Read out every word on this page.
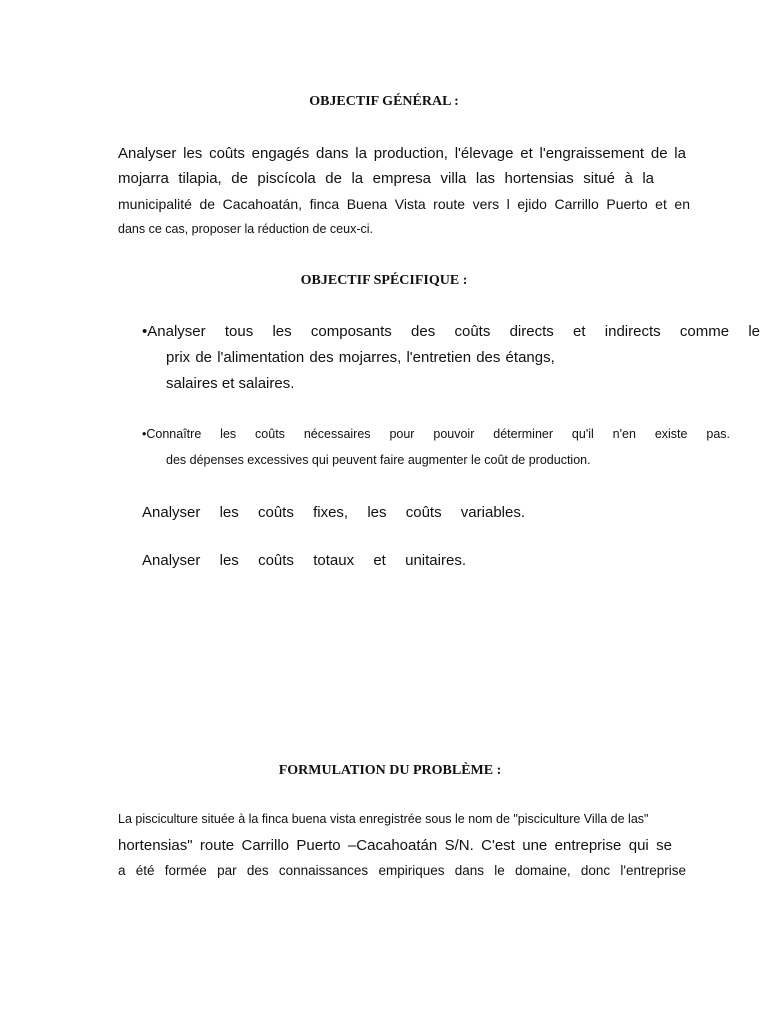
OBJECTIF GÉNÉRAL :

Analyser les coûts engagés dans la production, l'élevage et l'engraissement de la

mojarra tilapia, de piscícola de la empresa villa las hortensias situé à la

municipalité de Cacahoatán, finca Buena Vista route vers l ejido Carrillo Puerto et en

dans ce cas, proposer la réduction de ceux-ci.

OBJECTIF SPÉCIFIQUE :

•Analyser tous les composants des coûts directs et indirects comme le

prix de l'alimentation des mojarres, l'entretien des étangs,

salaires et salaires.

•Connaître les coûts nécessaires pour pouvoir déterminer qu'il n'en existe pas.

des dépenses excessives qui peuvent faire augmenter le coût de production.

Analyser les coûts fixes, les coûts variables.

Analyser les coûts totaux et unitaires.

FORMULATION DU PROBLÈME :

La pisciculture située à la finca buena vista enregistrée sous le nom de "pisciculture Villa de las"

hortensias" route Carrillo Puerto –Cacahoatán S/N. C'est une entreprise qui se

a été formée par des connaissances empiriques dans le domaine, donc l'entreprise
